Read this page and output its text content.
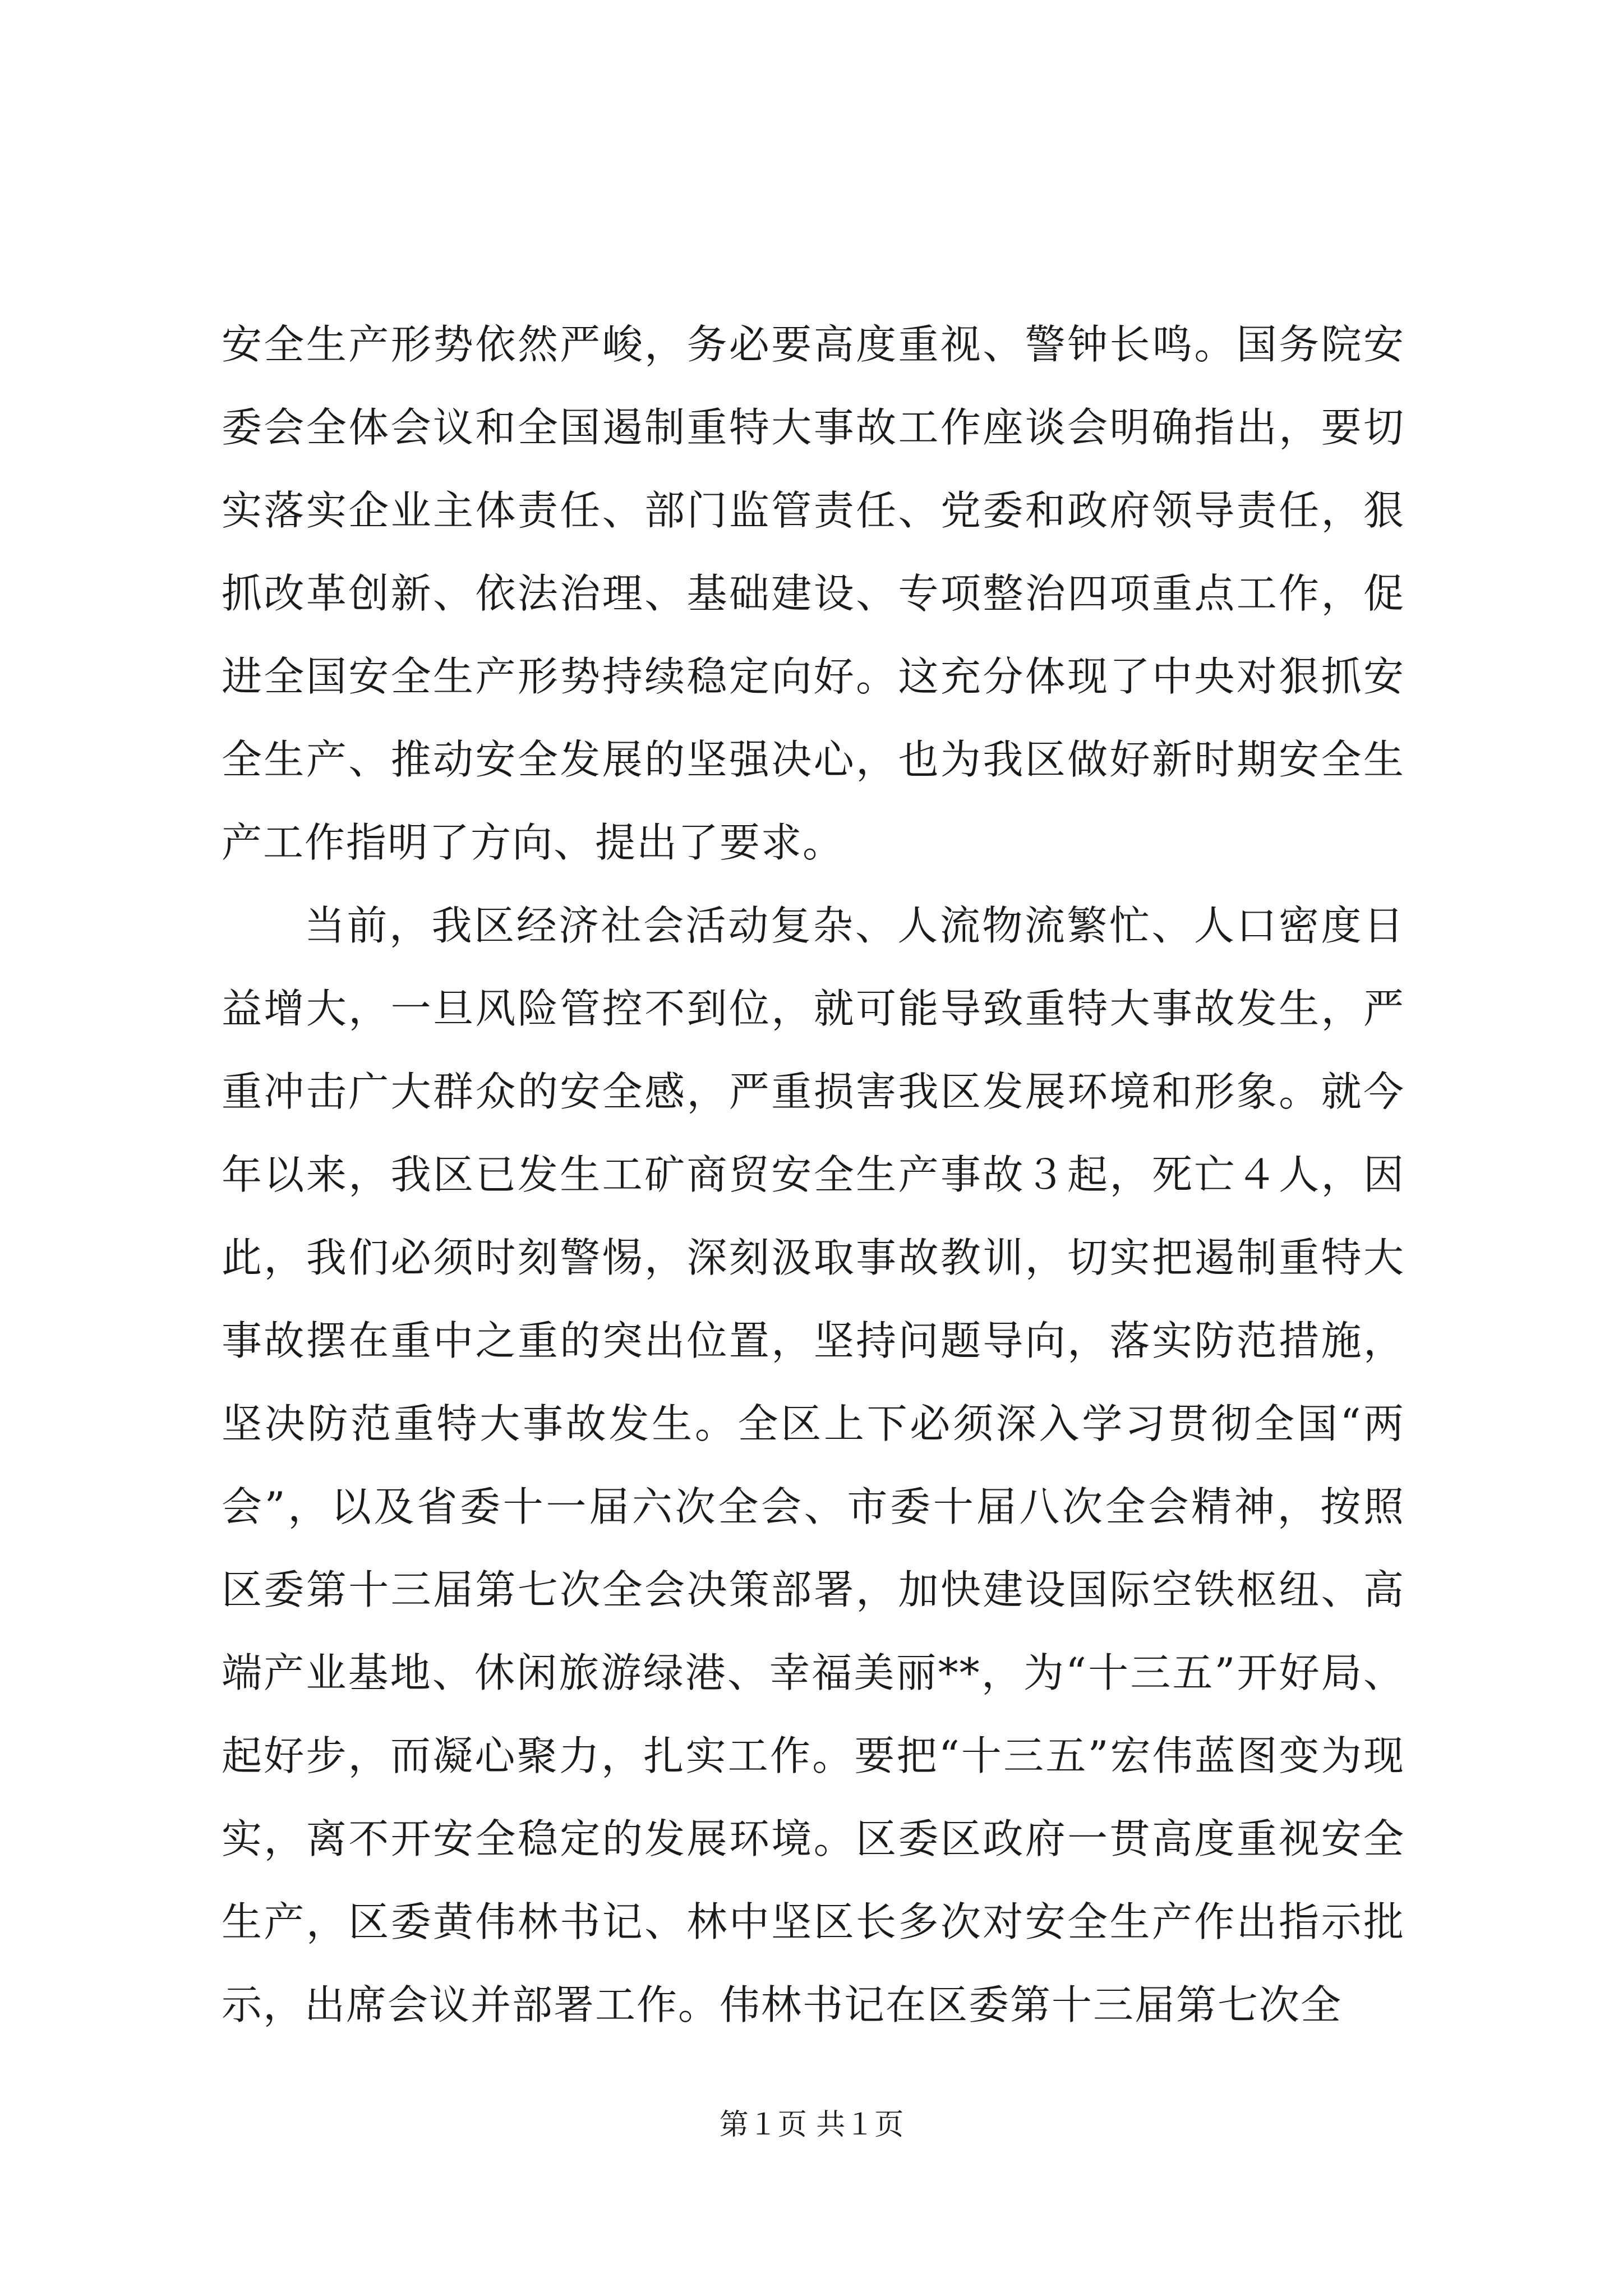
安全生产形势依然严峻，务必要高度重视、警钟长鸣。国务院安委会全体会议和全国遏制重特大事故工作座谈会明确指出，要切实落实企业主体责任、部门监管责任、党委和政府领导责任，狠抓改革创新、依法治理、基础建设、专项整治四项重点工作，促进全国安全生产形势持续稳定向好。这充分体现了中央对狠抓安全生产、推动安全发展的坚强决心，也为我区做好新时期安全生产工作指明了方向、提出了要求。

当前，我区经济社会活动复杂、人流物流繁忙、人口密度日益增大，一旦风险管控不到位，就可能导致重特大事故发生，严重冲击广大群众的安全感，严重损害我区发展环境和形象。就今年以来，我区已发生工矿商贸安全生产事故３起，死亡４人，因此，我们必须时刻警惕，深刻汲取事故教训，切实把遏制重特大事故摆在重中之重的突出位置，坚持问题导向，落实防范措施，坚决防范重特大事故发生。全区上下必须深入学习贯彻全国“两会”，以及省委十一届六次全会、市委十届八次全会精神，按照区委第十三届第七次全会决策部署，加快建设国际空铁枢纽、高端产业基地、休闲旅游绿港、幸福美丽**，为“十三五”开好局、起好步，而凝心聚力，扎实工作。要把“十三五”宏伟蓝图变为现实，离不开安全稳定的发展环境。区委区政府一贯高度重视安全生产，区委黄伟林书记、林中坚区长多次对安全生产作出指示批示，出席会议并部署工作。伟林书记在区委第十三届第七次全

第１页 共１页
